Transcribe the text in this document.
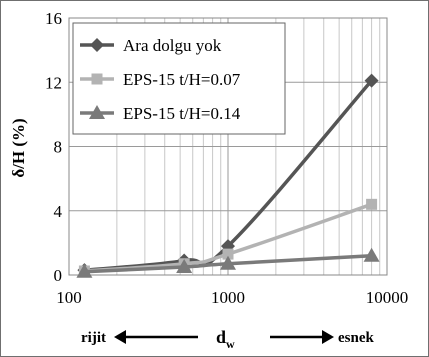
0
4
8
12
16
100	1000	10000
δ/H (%)
Ara dolgu yok
EPS-15 t/H=0.07
EPS-15 t/H=0.14
rijit	$d_w$	esnek
